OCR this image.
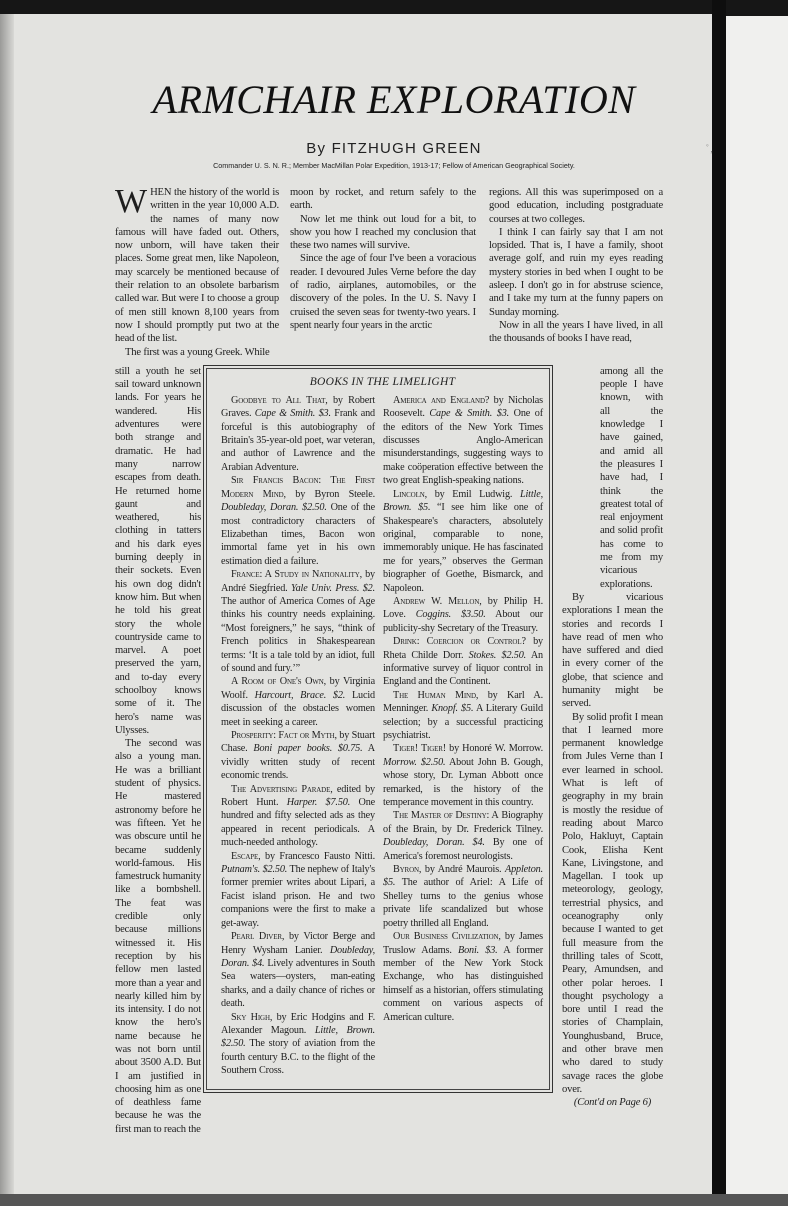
ﾟ,
ARMCHAIR EXPLORATION
By FITZHUGH GREEN
Commander U. S. N. R.; Member MacMillan Polar Expedition, 1913-17; Fellow of American Geographical Society.
W HEN the history of the world is written in the year 10,000 A.D. the names of many now famous will have faded out. Others, now unborn, will have taken their places. Some great men, like Napoleon, may scarcely be mentioned because of their relation to an obsolete barbarism called war. But were I to choose a group of men still known 8,100 years from now I should promptly put two at the head of the list.

The first was a young Greek. While

moon by rocket, and return safely to the earth.

Now let me think out loud for a bit, to show you how I reached my conclusion that these two names will survive.

Since the age of four I've been a voracious reader. I devoured Jules Verne before the day of radio, airplanes, automobiles, or the discovery of the poles. In the U. S. Navy I cruised the seven seas for twenty-two years. I spent nearly four years in the arctic

regions. All this was superimposed on a good education, including postgraduate courses at two colleges.

I think I can fairly say that I am not lopsided. That is, I have a family, shoot average golf, and ruin my eyes reading mystery stories in bed when I ought to be asleep. I don't go in for abstruse science, and I take my turn at the funny papers on Sunday morning.

Now in all the years I have lived, in all the thousands of books I have read,

still a youth he set sail toward unknown lands. For years he wandered. His adventures were both strange and dramatic. He had many narrow escapes from death. He returned home gaunt and weathered, his clothing in tatters and his dark eyes burning deeply in their sockets. Even his own dog didn't know him. But when he told his great story the whole countryside came to marvel. A poet preserved the yarn, and to-day every schoolboy knows some of it. The hero's name was Ulysses.

The second was also a young man. He was a brilliant student of physics. He mastered astronomy before he was fifteen. Yet he was obscure until he became suddenly world-famous. His famestruck humanity like a bombshell. The feat was credible only because millions witnessed it. His reception by his fellow men lasted more than a year and nearly killed him by its intensity. I do not know the hero's name because he was not born until about 3500 A.D. But I am justified in choosing him as one of deathless fame because he was the first man to reach the

BOOKS IN THE LIMELIGHT

Goodbye to All That, by Robert Graves. Cape & Smith. $3. Frank and forceful is this autobiography of Britain's 35-year-old poet, war veteran, and author of Lawrence and the Arabian Adventure.

Sir Francis Bacon: The First Modern Mind, by Byron Steele. Doubleday, Doran. $2.50. One of the most contradictory characters of Elizabethan times, Bacon won immortal fame yet in his own estimation died a failure.

France: A Study in Nationality, by André Siegfried. Yale Univ. Press. $2. The author of America Comes of Age thinks his country needs explaining. “Most foreigners,” he says, “think of French politics in Shakespearean terms: ‘It is a tale told by an idiot, full of sound and fury.’”

A Room of One's Own, by Virginia Woolf. Harcourt, Brace. $2. Lucid discussion of the obstacles women meet in seeking a career.

Prosperity: Fact or Myth, by Stuart Chase. Boni paper books. $0.75. A vividly written study of recent economic trends.

The Advertising Parade, edited by Robert Hunt. Harper. $7.50. One hundred and fifty selected ads as they appeared in recent periodicals. A much-needed anthology.

Escape, by Francesco Fausto Nitti. Putnam's. $2.50. The nephew of Italy's former premier writes about Lipari, a Facist island prison. He and two companions were the first to make a get-away.

Pearl Diver, by Victor Berge and Henry Wysham Lanier. Doubleday, Doran. $4. Lively adventures in South Sea waters—oysters, man-eating sharks, and a daily chance of riches or death.

Sky High, by Eric Hodgins and F. Alexander Magoun. Little, Brown. $2.50. The story of aviation from the fourth century B.C. to the flight of the Southern Cross.

America and England? by Nicholas Roosevelt. Cape & Smith. $3. One of the editors of the New York Times discusses Anglo-American misunderstandings, suggesting ways to make coöperation effective between the two great English-speaking nations.

Lincoln, by Emil Ludwig. Little, Brown. $5. “I see him like one of Shakespeare's characters, absolutely original, comparable to none, immemorably unique. He has fascinated me for years,” observes the German biographer of Goethe, Bismarck, and Napoleon.

Andrew W. Mellon, by Philip H. Love. Coggins. $3.50. About our publicity-shy Secretary of the Treasury.

Drink: Coercion or Control? by Rheta Childe Dorr. Stokes. $2.50. An informative survey of liquor control in England and the Continent.

The Human Mind, by Karl A. Menninger. Knopf. $5. A Literary Guild selection; by a successful practicing psychiatrist.

Tiger! Tiger! by Honoré W. Morrow. Morrow. $2.50. About John B. Gough, whose story, Dr. Lyman Abbott once remarked, is the history of the temperance movement in this country.

The Master of Destiny: A Biography of the Brain, by Dr. Frederick Tilney. Doubleday, Doran. $4. By one of America's foremost neurologists.

Byron, by André Maurois. Appleton. $5. The author of Ariel: A Life of Shelley turns to the genius whose private life scandalized but whose poetry thrilled all England.

Our Business Civilization, by James Truslow Adams. Boni. $3. A former member of the New York Stock Exchange, who has distinguished himself as a historian, offers stimulating comment on various aspects of American culture.

among all the people I have known, with all the knowledge I have gained, and amid all the pleasures I have had, I think the greatest total of real enjoyment and solid profit has come to me from my vicarious explorations.

By vicarious explorations I mean the stories and records I have read of men who have suffered and died in every corner of the globe, that science and humanity might be served.

By solid profit I mean that I learned more permanent knowledge from Jules Verne than I ever learned in school. What is left of geography in my brain is mostly the residue of reading about Marco Polo, Hakluyt, Captain Cook, Elisha Kent Kane, Livingstone, and Magellan. I took up meteorology, geology, terrestrial physics, and oceanography only because I wanted to get full measure from the thrilling tales of Scott, Peary, Amundsen, and other polar heroes. I thought psychology a bore until I read the stories of Champlain, Younghusband, Bruce, and other brave men who dared to study savage races the globe over.

(Cont'd on Page 6)
